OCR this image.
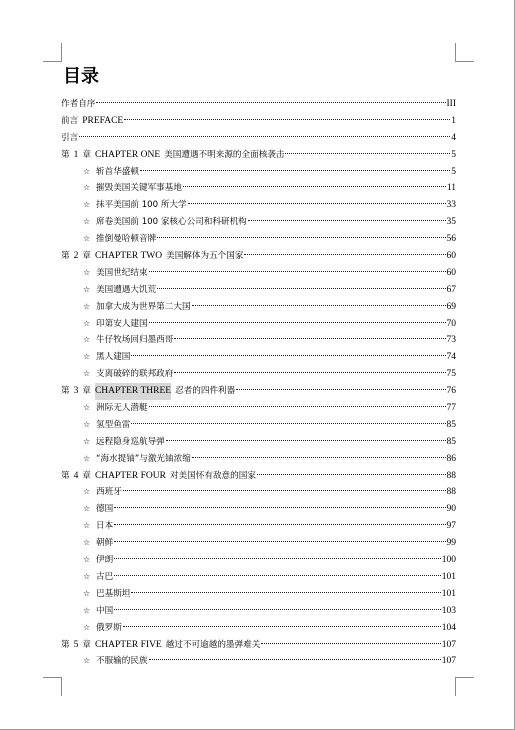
目录
作者自序	III
前言 PREFACE	1
引言	4
第 1 章 CHAPTER ONE 美国遭遇不明来源的全面核袭击	5
☆ 斩首华盛顿	5
☆ 摧毁美国关键军事基地	11
☆ 抹平美国前 100 所大学	33
☆ 席卷美国前 100 家核心公司和科研机构	35
☆ 推倒曼哈顿音牌	56
第 2 章 CHAPTER TWO 美国解体为五个国家	60
☆ 美国世纪结束	60
☆ 美国遭遇大饥荒	67
☆ 加拿大成为世界第二大国	69
☆ 印第安人建国	70
☆ 牛仔牧场回归墨西哥	73
☆ 黑人建国	74
☆ 支离破碎的联邦政府	75
第 3 章 CHAPTER THREE 忍者的四件利器	76
☆ 洲际无人潜艇	77
☆ 氢型鱼雷	85
☆ 远程隐身巡航导弹	85
☆ “海水提铀”与激光铀浓缩	86
第 4 章 CHAPTER FOUR 对美国怀有敌意的国家	88
☆ 西班牙	88
☆ 德国	90
☆ 日本	97
☆ 朝鲜	99
☆ 伊朗	100
☆ 古巴	101
☆ 巴基斯坦	101
☆ 中国	103
☆ 俄罗斯	104
第 5 章 CHAPTER FIVE 越过不可逾越的墨弹难关	107
☆ 不服输的民族	107
